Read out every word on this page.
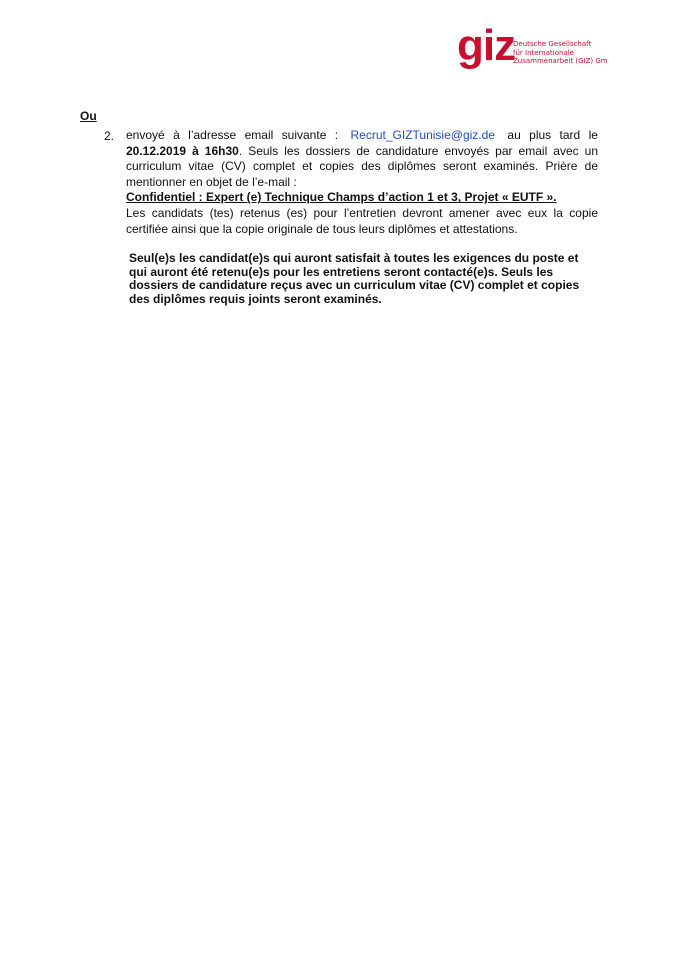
giz
Deutsche Gesellschaft
für Internationale
Zusammenarbeit (GIZ) Gm
Ou
2. envoyé à l’adresse email suivante : Recrut_GIZTunisie@giz.de au plus tard le 20.12.2019 à 16h30. Seuls les dossiers de candidature envoyés par email avec un curriculum vitae (CV) complet et copies des diplômes seront examinés. Prière de mentionner en objet de l’e-mail :
Confidentiel : Expert (e) Technique Champs d’action 1 et 3, Projet « EUTF ».
Les candidats (tes) retenus (es) pour l’entretien devront amener avec eux la copie certifiée ainsi que la copie originale de tous leurs diplômes et attestations.
Seul(e)s les candidat(e)s qui auront satisfait à toutes les exigences du poste et qui auront été retenu(e)s pour les entretiens seront contacté(e)s. Seuls les dossiers de candidature reçus avec un curriculum vitae (CV) complet et copies des diplômes requis joints seront examinés.
